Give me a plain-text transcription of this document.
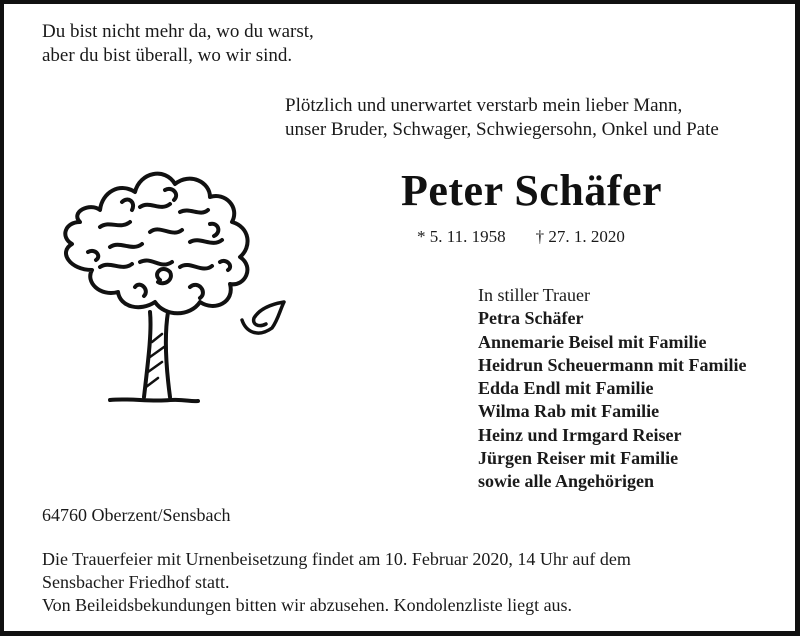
Du bist nicht mehr da, wo du warst,
aber du bist überall, wo wir sind.
Plötzlich und unerwartet verstarb mein lieber Mann,
unser Bruder, Schwager, Schwiegersohn, Onkel und Pate
Peter Schäfer
* 5. 11. 1958 † 27. 1. 2020
In stiller Trauer
Petra Schäfer
Annemarie Beisel mit Familie
Heidrun Scheuermann mit Familie
Edda Endl mit Familie
Wilma Rab mit Familie
Heinz und Irmgard Reiser
Jürgen Reiser mit Familie
sowie alle Angehörigen
64760 Oberzent/Sensbach
Die Trauerfeier mit Urnenbeisetzung findet am 10. Februar 2020, 14 Uhr auf dem
Sensbacher Friedhof statt.
Von Beileidsbekundungen bitten wir abzusehen. Kondolenzliste liegt aus.
